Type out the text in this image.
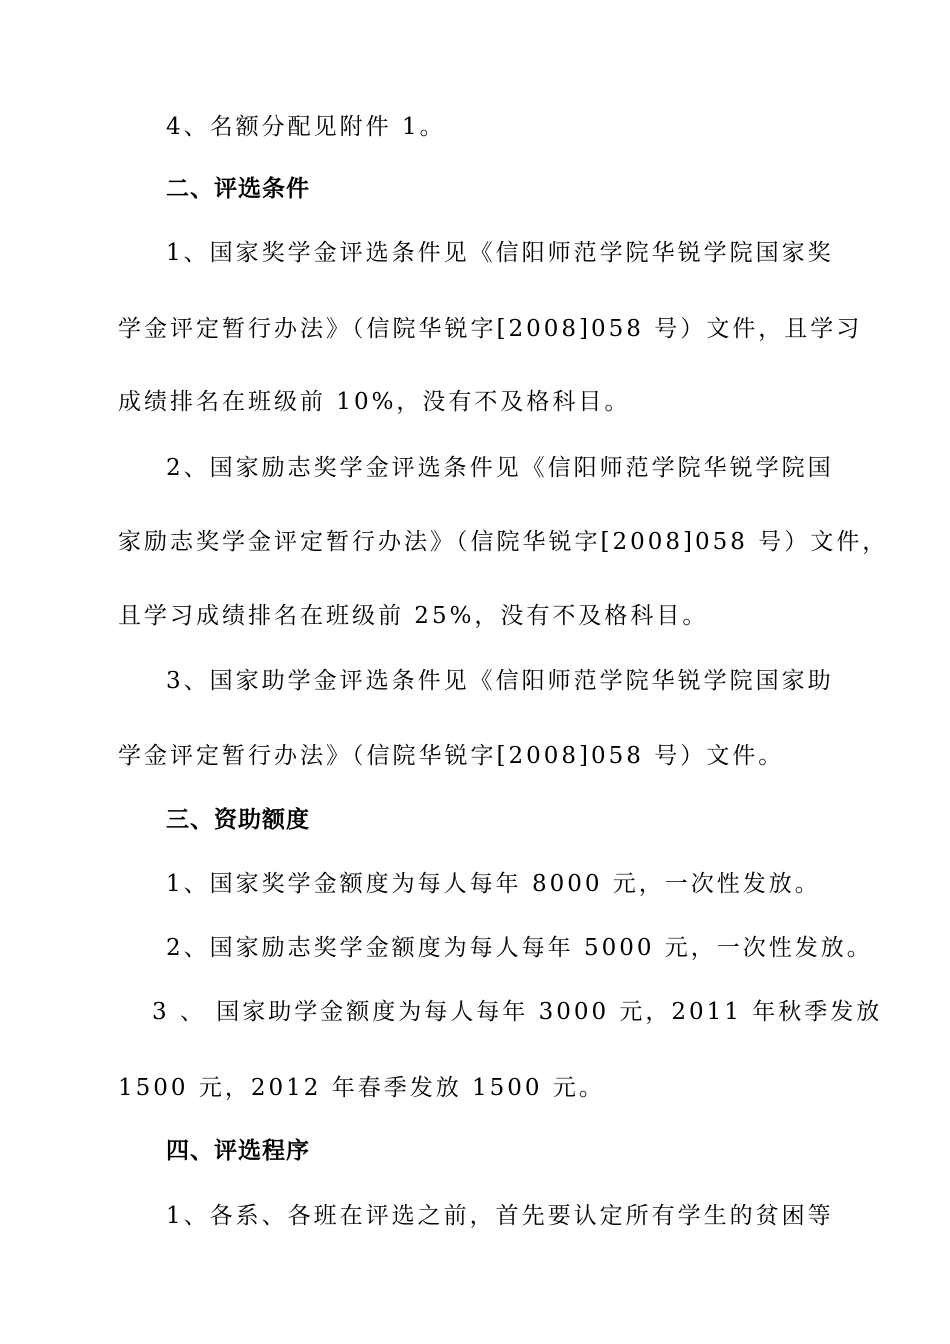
4、名额分配见附件 1。
二、评选条件
1、国家奖学金评选条件见《信阳师范学院华锐学院国家奖
学金评定暂行办法》（信院华锐字[2008]058 号）文件，且学习
成绩排名在班级前 10%，没有不及格科目。
2、国家励志奖学金评选条件见《信阳师范学院华锐学院国
家励志奖学金评定暂行办法》（信院华锐字[2008]058 号）文件，
且学习成绩排名在班级前 25%，没有不及格科目。
3、国家助学金评选条件见《信阳师范学院华锐学院国家助
学金评定暂行办法》（信院华锐字[2008]058 号）文件。
三、资助额度
1、国家奖学金额度为每人每年 8000 元，一次性发放。
2、国家励志奖学金额度为每人每年 5000 元，一次性发放。
3 、 国家助学金额度为每人每年 3000 元，2011 年秋季发放
1500 元，2012 年春季发放 1500 元。
四、评选程序
1、各系、各班在评选之前，首先要认定所有学生的贫困等
